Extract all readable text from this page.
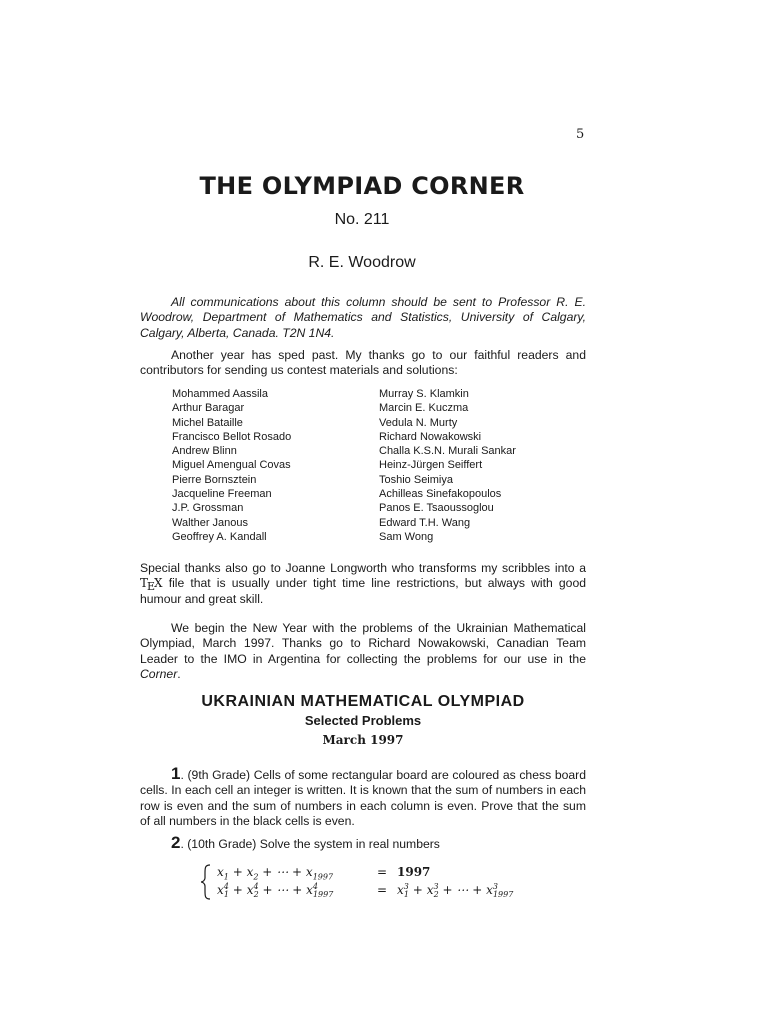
5
THE OLYMPIAD CORNER
No. 211
R. E. Woodrow

All communications about this column should be sent to Professor R. E. Woodrow, Department of Mathematics and Statistics, University of Calgary, Calgary, Alberta, Canada. T2N 1N4.

Another year has sped past. My thanks go to our faithful readers and contributors for sending us contest materials and solutions:

Mohammed Aassila
Arthur Baragar
Michel Bataille
Francisco Bellot Rosado
Andrew Blinn
Miguel Amengual Covas
Pierre Bornsztein
Jacqueline Freeman
J.P. Grossman
Walther Janous
Geoffrey A. Kandall
Murray S. Klamkin
Marcin E. Kuczma
Vedula N. Murty
Richard Nowakowski
Challa K.S.N. Murali Sankar
Heinz-Jürgen Seiffert
Toshio Seimiya
Achilleas Sinefakopoulos
Panos E. Tsaoussoglou
Edward T.H. Wang
Sam Wong

Special thanks also go to Joanne Longworth who transforms my scribbles into a TEX file that is usually under tight time line restrictions, but always with good humour and great skill.

We begin the New Year with the problems of the Ukrainian Mathematical Olympiad, March 1997. Thanks go to Richard Nowakowski, Canadian Team Leader to the IMO in Argentina for collecting the problems for our use in the Corner.

UKRAINIAN MATHEMATICAL OLYMPIAD
Selected Problems
March 1997

1. (9th Grade) Cells of some rectangular board are coloured as chess board cells. In each cell an integer is written. It is known that the sum of numbers in each row is even and the sum of numbers in each column is even. Prove that the sum of all numbers in the black cells is even.

2. (10th Grade) Solve the system in real numbers

$x_1 + x_2$ + ⋯ + $x_{1997}$	= 1997
$x^4_1 + x^4_2$ + ⋯ + $x^4_{1997}$	= $x^3_1 + x^3_2$ + ⋯ + $x^3_{1997}$
